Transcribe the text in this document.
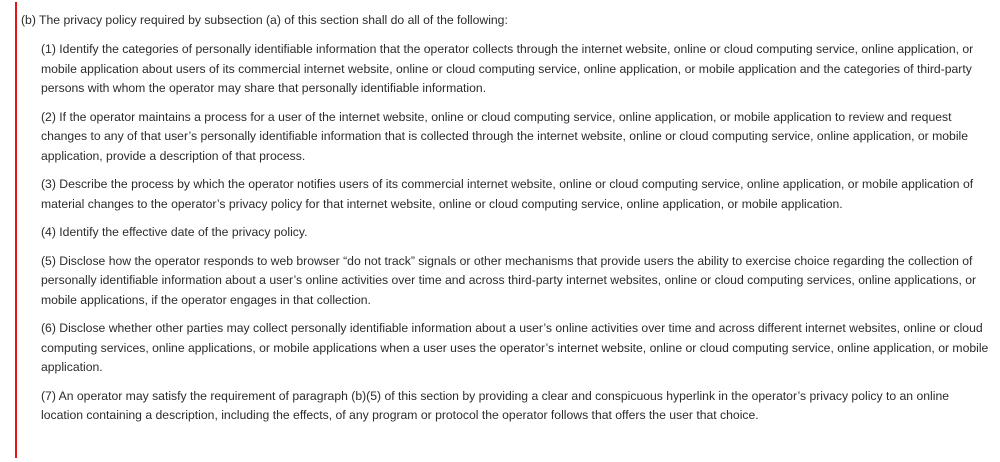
(b) The privacy policy required by subsection (a) of this section shall do all of the following:

(1) Identify the categories of personally identifiable information that the operator collects through the internet website, online or cloud computing service, online application, or mobile application about users of its commercial internet website, online or cloud computing service, online application, or mobile application and the categories of third-party persons with whom the operator may share that personally identifiable information.
(2) If the operator maintains a process for a user of the internet website, online or cloud computing service, online application, or mobile application to review and request changes to any of that user’s personally identifiable information that is collected through the internet website, online or cloud computing service, online application, or mobile application, provide a description of that process.
(3) Describe the process by which the operator notifies users of its commercial internet website, online or cloud computing service, online application, or mobile application of material changes to the operator’s privacy policy for that internet website, online or cloud computing service, online application, or mobile application.
(4) Identify the effective date of the privacy policy.
(5) Disclose how the operator responds to web browser “do not track” signals or other mechanisms that provide users the ability to exercise choice regarding the collection of personally identifiable information about a user’s online activities over time and across third-party internet websites, online or cloud computing services, online applications, or mobile applications, if the operator engages in that collection.
(6) Disclose whether other parties may collect personally identifiable information about a user’s online activities over time and across different internet websites, online or cloud computing services, online applications, or mobile applications when a user uses the operator’s internet website, online or cloud computing service, online application, or mobile application.
(7) An operator may satisfy the requirement of paragraph (b)(5) of this section by providing a clear and conspicuous hyperlink in the operator’s privacy policy to an online location containing a description, including the effects, of any program or protocol the operator follows that offers the user that choice.
